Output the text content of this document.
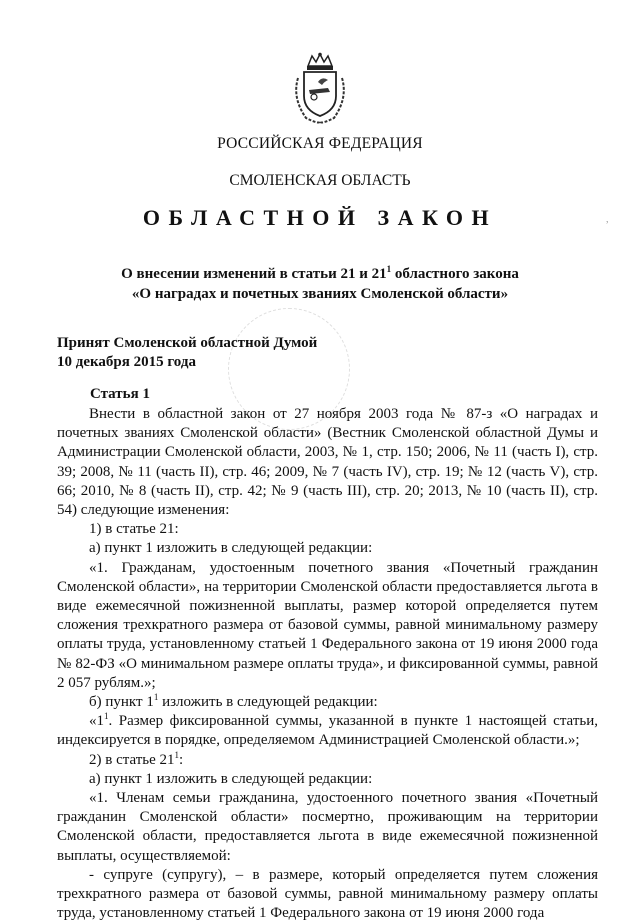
РОССИЙСКАЯ ФЕДЕРАЦИЯ
СМОЛЕНСКАЯ ОБЛАСТЬ
ОБЛАСТНОЙ ЗАКОН
О внесении изменений в статьи 21 и $21^1$ областного закона
«О наградах и почетных званиях Смоленской области»
Принят Смоленской областной Думой
10 декабря 2015 года
Статья 1

Внести в областной закон от 27 ноября 2003 года № 87-з «О наградах и почетных званиях Смоленской области» (Вестник Смоленской областной Думы и Администрации Смоленской области, 2003, № 1, стр. 150; 2006, № 11 (часть I), стр. 39; 2008, № 11 (часть II), стр. 46; 2009, № 7 (часть IV), стр. 19; № 12 (часть V), стр. 66; 2010, № 8 (часть II), стр. 42; № 9 (часть III), стр. 20; 2013, № 10 (часть II), стр. 54) следующие изменения:

1) в статье 21:

а) пункт 1 изложить в следующей редакции:

«1. Гражданам, удостоенным почетного звания «Почетный гражданин Смоленской области», на территории Смоленской области предоставляется льгота в виде ежемесячной пожизненной выплаты, размер которой определяется путем сложения трехкратного размера от базовой суммы, равной минимальному размеру оплаты труда, установленному статьей 1 Федерального закона от 19 июня 2000 года № 82-ФЗ «О минимальном размере оплаты труда», и фиксированной суммы, равной 2 057 рублям.»;

б) пункт $1^1$ изложить в следующей редакции:

«$1^1$. Размер фиксированной суммы, указанной в пункте 1 настоящей статьи, индексируется в порядке, определяемом Администрацией Смоленской области.»;

2) в статье $21^1$:

а) пункт 1 изложить в следующей редакции:

«1. Членам семьи гражданина, удостоенного почетного звания «Почетный гражданин Смоленской области» посмертно, проживающим на территории Смоленской области, предоставляется льгота в виде ежемесячной пожизненной выплаты, осуществляемой:

- супруге (супругу), – в размере, который определяется путем сложения трехкратного размера от базовой суммы, равной минимальному размеру оплаты труда, установленному статьей 1 Федерального закона от 19 июня 2000 года

,
